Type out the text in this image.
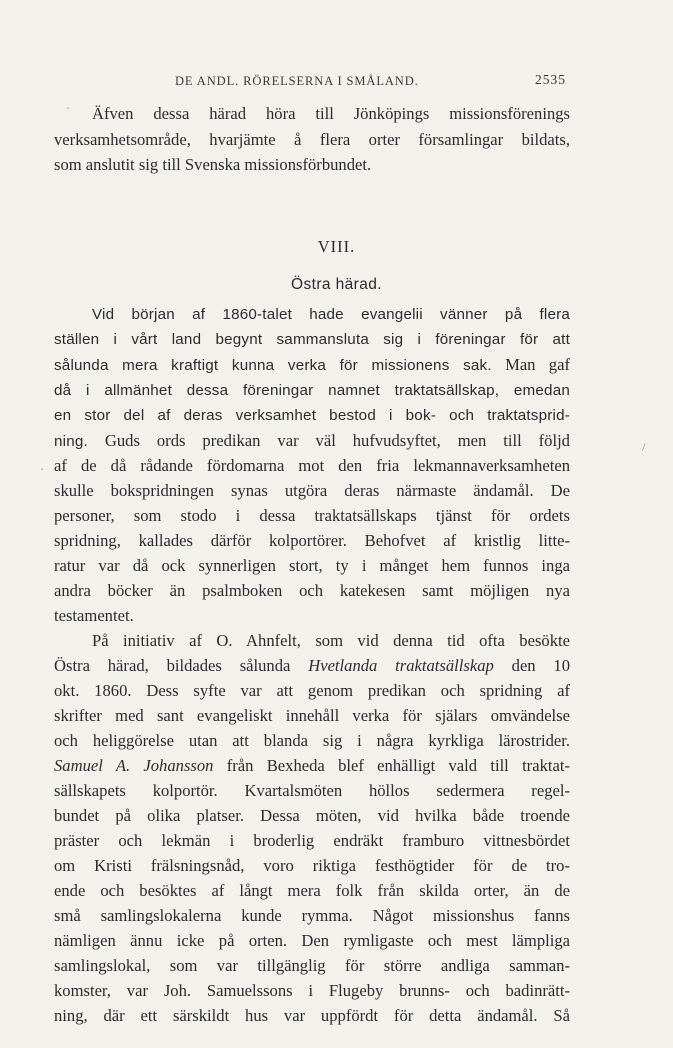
DE ANDL. RÖRELSERNA I SMÅLAND.	2535
· Äfven dessa härad höra till Jönköpings missionsförenings
verksamhetsområde, hvarjämte å flera orter församlingar bildats,
som anslutit sig till Svenska missionsförbundet.
VIII.
Östra härad.
Vid början af 1860-talet hade evangelii vänner på flera
ställen i vårt land begynt sammansluta sig i föreningar för att
sålunda mera kraftigt kunna verka för missionens sak. Man gaf
då i allmänhet dessa föreningar namnet traktatsällskap, emedan
en stor del af deras verksamhet bestod i bok- och traktatsprid-
ning. Guds ords predikan var väl hufvudsyftet, men till följd
af de då rådande fördomarna mot den fria lekmannaverksamheten
skulle bokspridningen synas utgöra deras närmaste ändamål. De
personer, som stodo i dessa traktatsällskaps tjänst för ordets
spridning, kallades därför kolportörer. Behofvet af kristlig litte-
ratur var då ock synnerligen stort, ty i månget hem funnos inga
andra böcker än psalmboken och katekesen samt möjligen nya
testamentet.
/
·
På initiativ af O. Ahnfelt, som vid denna tid ofta besökte
Östra härad, bildades sålunda Hvetlanda traktatsällskap den 10
okt. 1860. Dess syfte var att genom predikan och spridning af
skrifter med sant evangeliskt innehåll verka för själars omvändelse
och heliggörelse utan att blanda sig i några kyrkliga lärostrider.
Samuel A. Johansson från Bexheda blef enhälligt vald till traktat-
sällskapets kolportör. Kvartalsmöten höllos sedermera regel-
bundet på olika platser. Dessa möten, vid hvilka både troende
präster och lekmän i broderlig endräkt framburo vittnesbördet
om Kristi frälsningsnåd, voro riktiga festhögtider för de tro-
ende och besöktes af långt mera folk från skilda orter, än de
små samlingslokalerna kunde rymma. Något missionshus fanns
nämligen ännu icke på orten. Den rymligaste och mest lämpliga
samlingslokal, som var tillgänglig för större andliga samman-
komster, var Joh. Samuelssons i Flugeby brunns- och badinrätt-
ning, där ett särskildt hus var uppfördt för detta ändamål. Så
